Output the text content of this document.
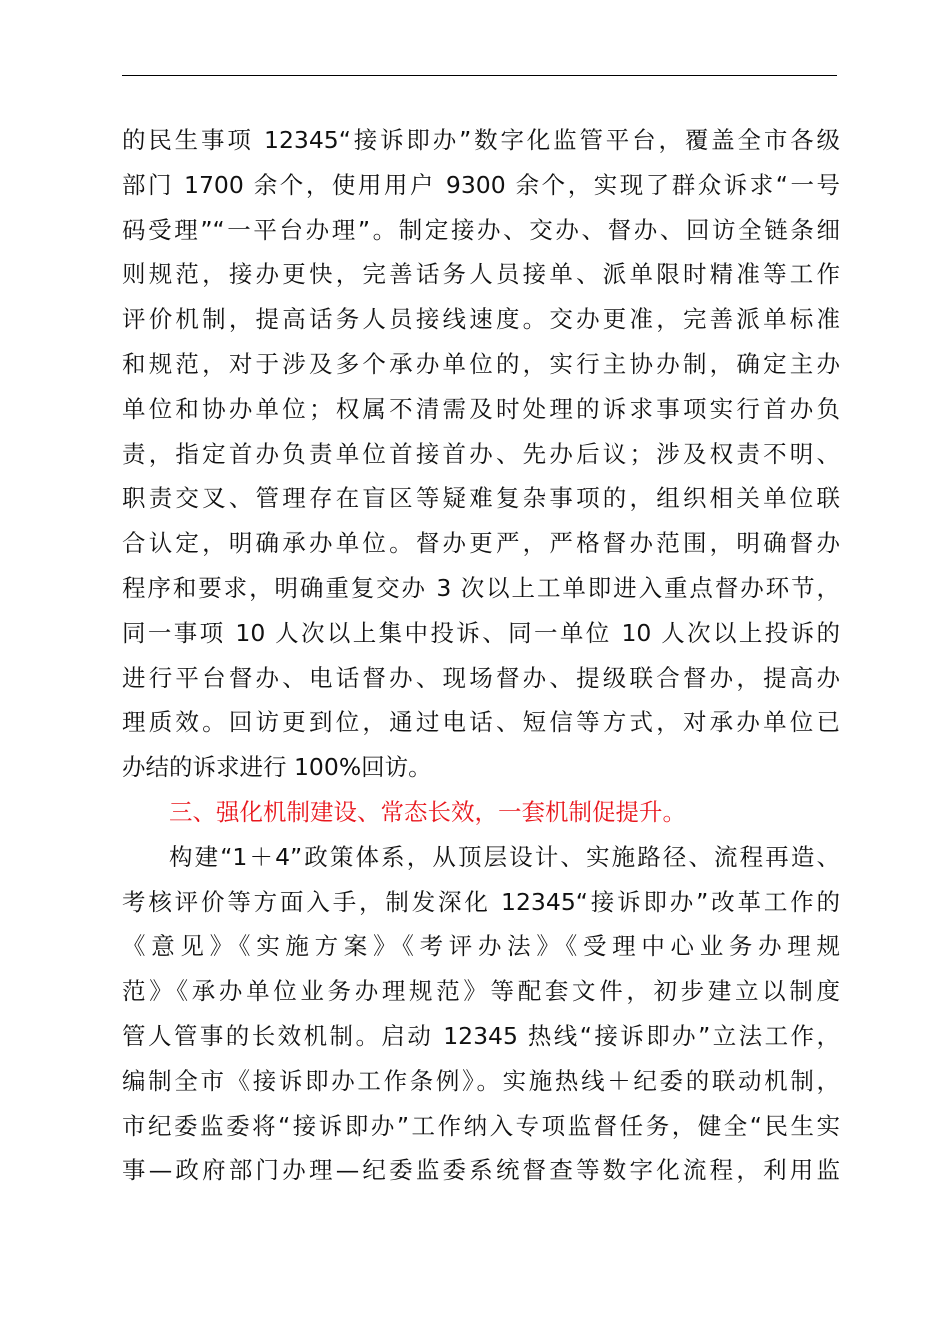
的民生事项 12345“接诉即办”数字化监管平台，覆盖全市各级
部门 1700 余个，使用用户 9300 余个，实现了群众诉求“一号
码受理”“一平台办理”。制定接办、交办、督办、回访全链条细
则规范，接办更快，完善话务人员接单、派单限时精准等工作
评价机制，提高话务人员接线速度。交办更准，完善派单标准
和规范，对于涉及多个承办单位的，实行主协办制，确定主办
单位和协办单位；权属不清需及时处理的诉求事项实行首办负
责，指定首办负责单位首接首办、先办后议；涉及权责不明、
职责交叉、管理存在盲区等疑难复杂事项的，组织相关单位联
合认定，明确承办单位。督办更严，严格督办范围，明确督办
程序和要求，明确重复交办 3 次以上工单即进入重点督办环节，
同一事项 10 人次以上集中投诉、同一单位 10 人次以上投诉的
进行平台督办、电话督办、现场督办、提级联合督办，提高办
理质效。回访更到位，通过电话、短信等方式，对承办单位已
办结的诉求进行 100%回访。
三、强化机制建设、常态长效，一套机制促提升。
构建“1＋4”政策体系，从顶层设计、实施路径、流程再造、
考核评价等方面入手，制发深化 12345“接诉即办”改革工作的
《意见》《实施方案》《考评办法》《受理中心业务办理规
范》《承办单位业务办理规范》等配套文件，初步建立以制度
管人管事的长效机制。启动 12345 热线“接诉即办”立法工作，
编制全市《接诉即办工作条例》。实施热线＋纪委的联动机制，
市纪委监委将“接诉即办”工作纳入专项监督任务，健全“民生实
事—政府部门办理—纪委监委系统督查等数字化流程，利用监
